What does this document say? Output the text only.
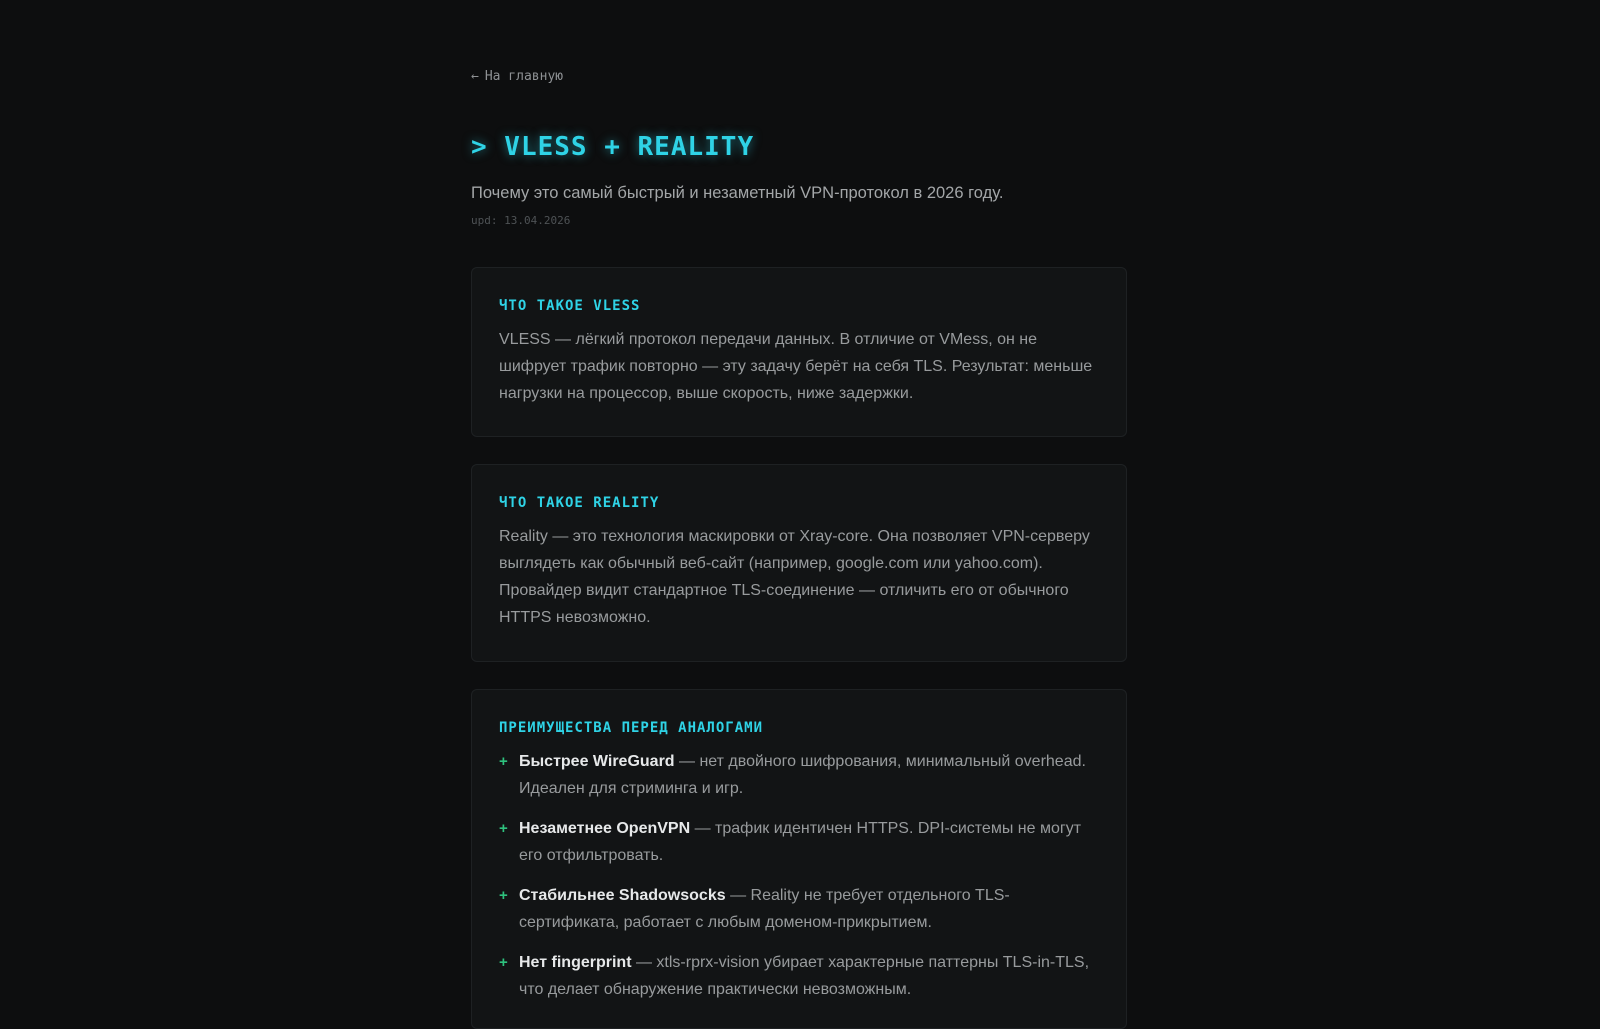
← На главную
> VLESS + REALITY

Почему это самый быстрый и незаметный VPN-протокол в 2026 году.

upd: 13.04.2026
ЧТО ТАКОЕ VLESS

VLESS — лёгкий протокол передачи данных. В отличие от VMess, он не шифрует трафик повторно — эту задачу берёт на себя TLS. Результат: меньше нагрузки на процессор, выше скорость, ниже задержки.

ЧТО ТАКОЕ REALITY

Reality — это технология маскировки от Xray-core. Она позволяет VPN-серверу выглядеть как обычный веб-сайт (например, google.com или yahoo.com). Провайдер видит стандартное TLS-соединение — отличить его от обычного HTTPS невозможно.

ПРЕИМУЩЕСТВА ПЕРЕД АНАЛОГАМИ
+ Быстрее WireGuard — нет двойного шифрования, минимальный overhead. Идеален для стриминга и игр.
+ Незаметнее OpenVPN — трафик идентичен HTTPS. DPI-системы не могут его отфильтровать.
+ Стабильнее Shadowsocks — Reality не требует отдельного TLS-сертификата, работает с любым доменом-прикрытием.
+ Нет fingerprint — xtls-rprx-vision убирает характерные паттерны TLS-in-TLS, что делает обнаружение практически невозможным.
